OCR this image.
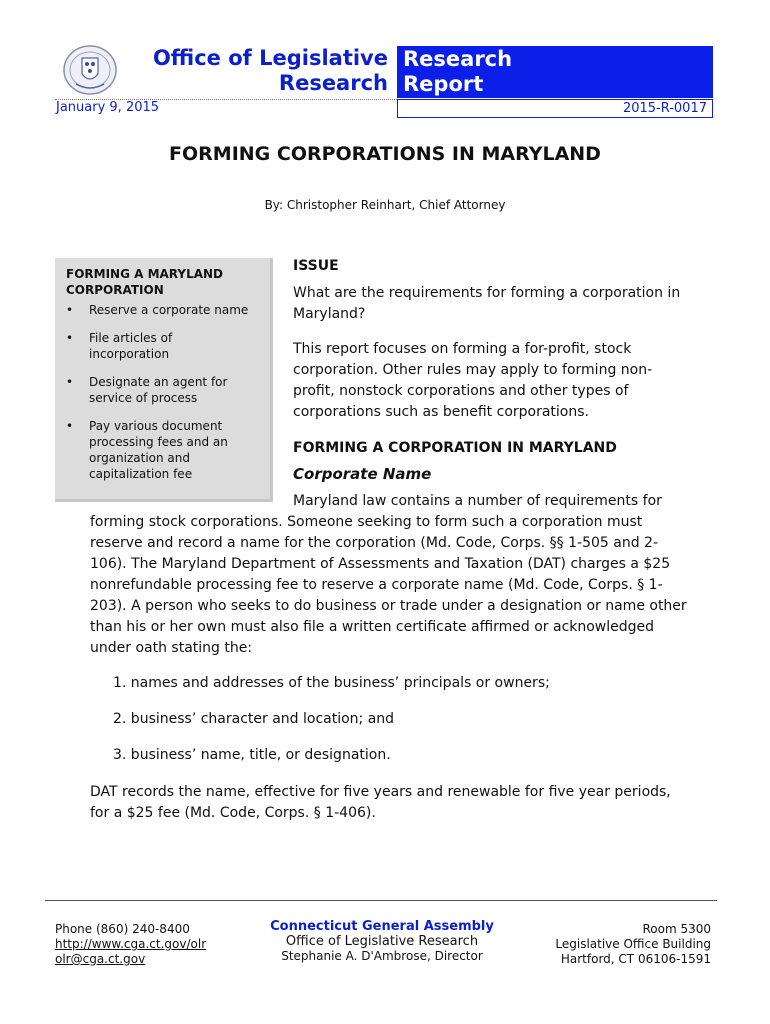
Office of Legislative
Research
Research
Report
January 9, 2015	2015-R-0017
FORMING CORPORATIONS IN MARYLAND
By: Christopher Reinhart, Chief Attorney
FORMING A MARYLAND CORPORATION
• Reserve a corporate name
• File articles of incorporation
• Designate an agent for service of process
• Pay various document processing fees and an organization and capitalization fee
ISSUE
What are the requirements for forming a corporation in Maryland?
This report focuses on forming a for-profit, stock corporation. Other rules may apply to forming non-profit, nonstock corporations and other types of corporations such as benefit corporations.
FORMING A CORPORATION IN MARYLAND
Corporate Name
Maryland law contains a number of requirements for
forming stock corporations. Someone seeking to form such a corporation must reserve and record a name for the corporation (Md. Code, Corps. §§ 1-505 and 2-106). The Maryland Department of Assessments and Taxation (DAT) charges a $25 nonrefundable processing fee to reserve a corporate name (Md. Code, Corps. § 1-203). A person who seeks to do business or trade under a designation or name other than his or her own must also file a written certificate affirmed or acknowledged under oath stating the:
1. names and addresses of the business’ principals or owners;
2. business’ character and location; and
3. business’ name, title, or designation.
DAT records the name, effective for five years and renewable for five year periods, for a $25 fee (Md. Code, Corps. § 1-406).
Phone (860) 240-8400
http://www.cga.ct.gov/olr
olr@cga.ct.gov
Connecticut General Assembly
Office of Legislative Research
Stephanie A. D'Ambrose, Director
Room 5300
Legislative Office Building
Hartford, CT 06106-1591
